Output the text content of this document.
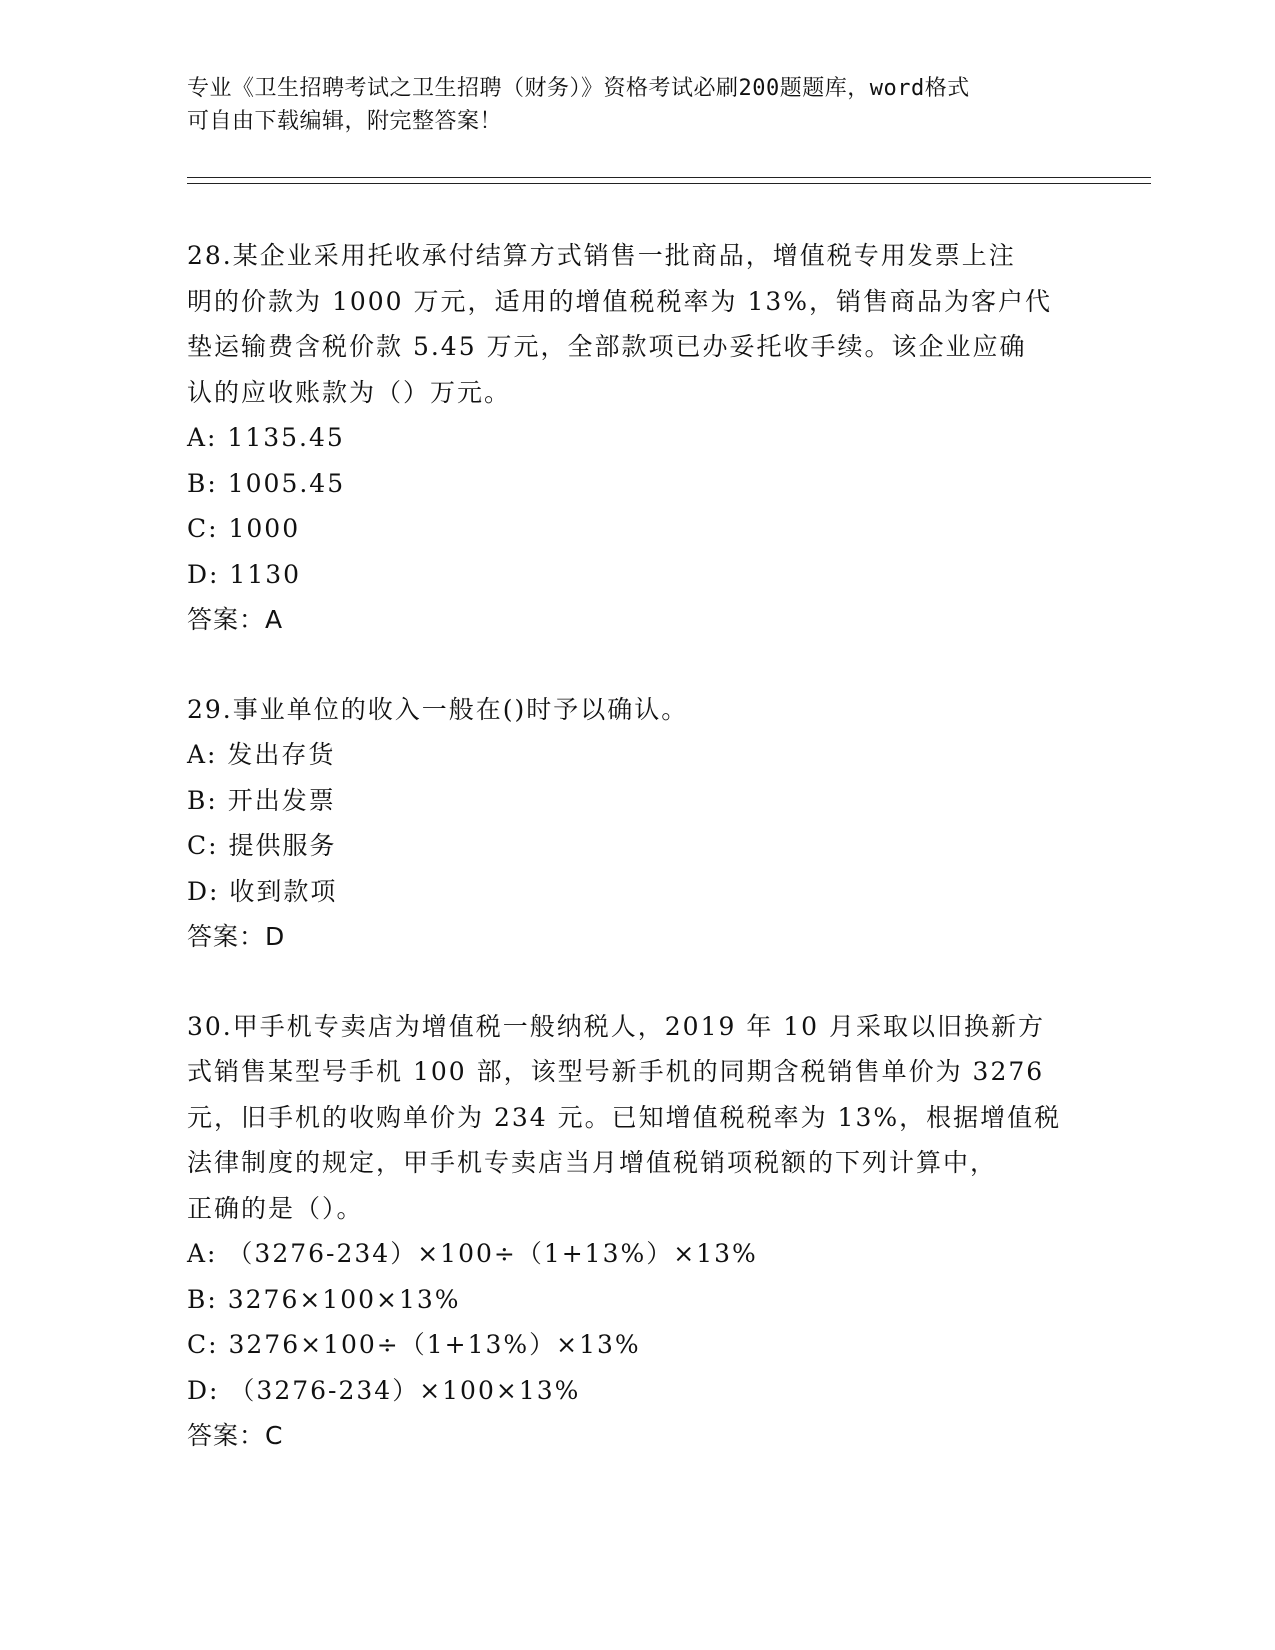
专业《卫生招聘考试之卫生招聘（财务）》资格考试必刷200题题库，word格式
可自由下载编辑，附完整答案！
28.某企业采用托收承付结算方式销售一批商品，增值税专用发票上注
明的价款为 1000 万元，适用的增值税税率为 13%，销售商品为客户代
垫运输费含税价款 5.45 万元，全部款项已办妥托收手续。该企业应确
认的应收账款为（）万元。
A: 1135.45
B: 1005.45
C: 1000
D: 1130
答案：A
29.事业单位的收入一般在()时予以确认。
A: 发出存货
B: 开出发票
C: 提供服务
D: 收到款项
答案：D
30.甲手机专卖店为增值税一般纳税人，2019 年 10 月采取以旧换新方
式销售某型号手机 100 部，该型号新手机的同期含税销售单价为 3276
元，旧手机的收购单价为 234 元。已知增值税税率为 13%，根据增值税
法律制度的规定，甲手机专卖店当月增值税销项税额的下列计算中，
正确的是（）。
A: （3276-234）×100÷（1+13%）×13%
B: 3276×100×13%
C: 3276×100÷（1+13%）×13%
D: （3276-234）×100×13%
答案：C
